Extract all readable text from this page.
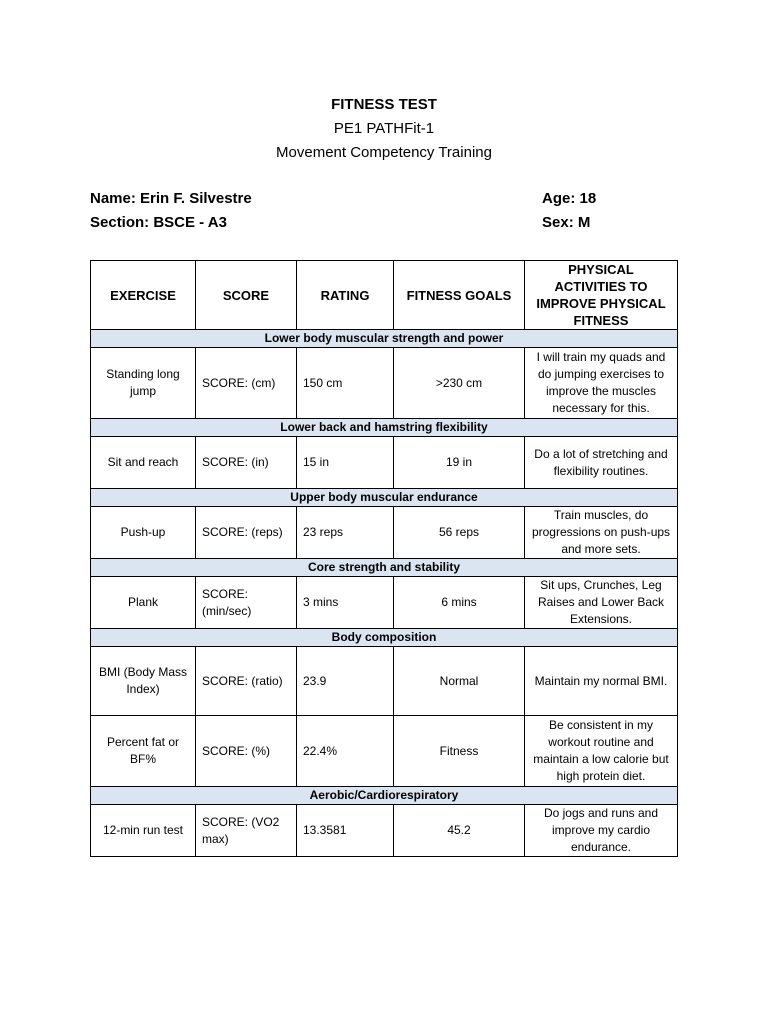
FITNESS TEST
PE1 PATHFit-1
Movement Competency Training
Name: Erin F. Silvestre
Section: BSCE - A3
Age: 18
Sex: M
EXERCISE	SCORE	RATING	FITNESS GOALS	PHYSICAL ACTIVITIES TO IMPROVE PHYSICAL FITNESS
Lower body muscular strength and power				
Standing long jump	SCORE: (cm)	150 cm	>230 cm	I will train my quads and do jumping exercises to improve the muscles necessary for this.
Lower back and hamstring flexibility				
Sit and reach	SCORE: (in)	15 in	19 in	Do a lot of stretching and flexibility routines.
Upper body muscular endurance				
Push-up	SCORE: (reps)	23 reps	56 reps	Train muscles, do progressions on push-ups and more sets.
Core strength and stability				
Plank	SCORE: (min/sec)	3 mins	6 mins	Sit ups, Crunches, Leg Raises and Lower Back Extensions.
Body composition				
BMI (Body Mass Index)	SCORE: (ratio)	23.9	Normal	Maintain my normal BMI.
Percent fat or BF%	SCORE: (%)	22.4%	Fitness	Be consistent in my workout routine and maintain a low calorie but high protein diet.
Aerobic/Cardiorespiratory				
12-min run test	SCORE: (VO2 max)	13.3581	45.2	Do jogs and runs and improve my cardio endurance.
